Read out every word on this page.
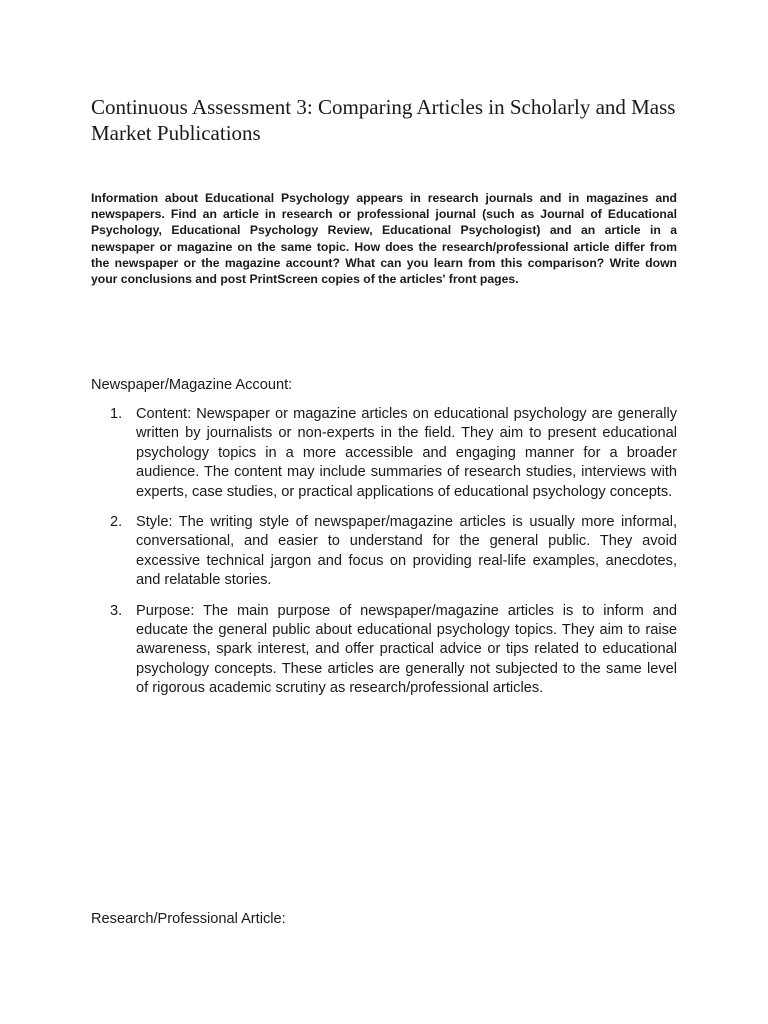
Continuous Assessment 3: Comparing Articles in Scholarly and Mass Market Publications

Information about Educational Psychology appears in research journals and in magazines and newspapers. Find an article in research or professional journal (such as Journal of Educational Psychology, Educational Psychology Review, Educational Psychologist) and an article in a newspaper or magazine on the same topic. How does the research/professional article differ from the newspaper or the magazine account? What can you learn from this comparison? Write down your conclusions and post PrintScreen copies of the articles' front pages.

Newspaper/Magazine Account:

1. Content: Newspaper or magazine articles on educational psychology are generally written by journalists or non-experts in the field. They aim to present educational psychology topics in a more accessible and engaging manner for a broader audience. The content may include summaries of research studies, interviews with experts, case studies, or practical applications of educational psychology concepts.
2. Style: The writing style of newspaper/magazine articles is usually more informal, conversational, and easier to understand for the general public. They avoid excessive technical jargon and focus on providing real-life examples, anecdotes, and relatable stories.
3. Purpose: The main purpose of newspaper/magazine articles is to inform and educate the general public about educational psychology topics. They aim to raise awareness, spark interest, and offer practical advice or tips related to educational psychology concepts. These articles are generally not subjected to the same level of rigorous academic scrutiny as research/professional articles.

Research/Professional Article:
